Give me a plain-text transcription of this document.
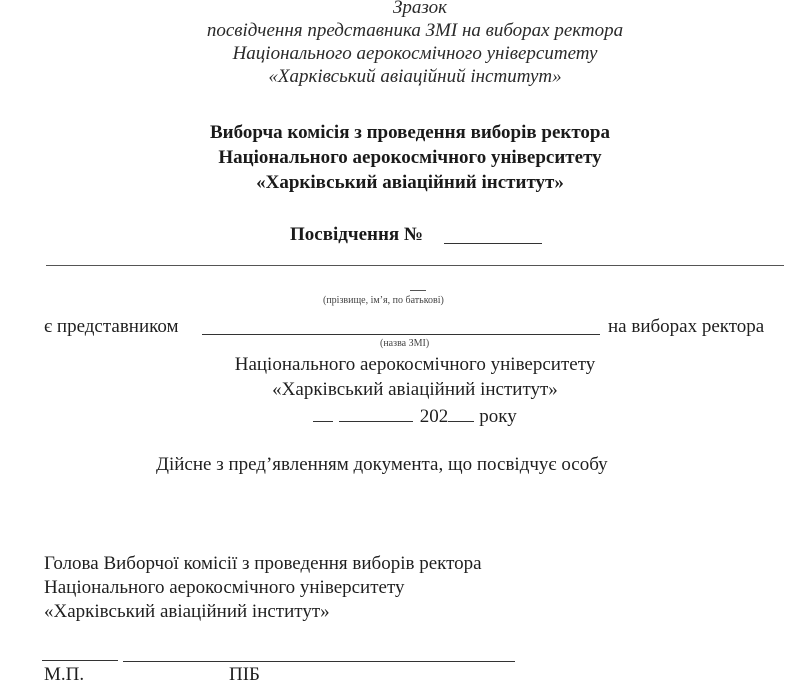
Зразок
посвідчення представника ЗМІ на виборах ректора
Національного аерокосмічного університету
«Харківський авіаційний інститут»
Виборча комісія з проведення виборів ректора
Національного аерокосмічного університету
«Харківський авіаційний інститут»
Посвідчення №
(прізвище, ім’я, по батькові)
є представником	на виборах ректора
(назва ЗМІ)
Національного аерокосмічного університету
«Харківський авіаційний інститут»
202 року
Дійсне з пред’явленням документа, що посвідчує особу
Голова Виборчої комісії з проведення виборів ректора
Національного аерокосмічного університету
«Харківський авіаційний інститут»
М.П.	ПІБ
